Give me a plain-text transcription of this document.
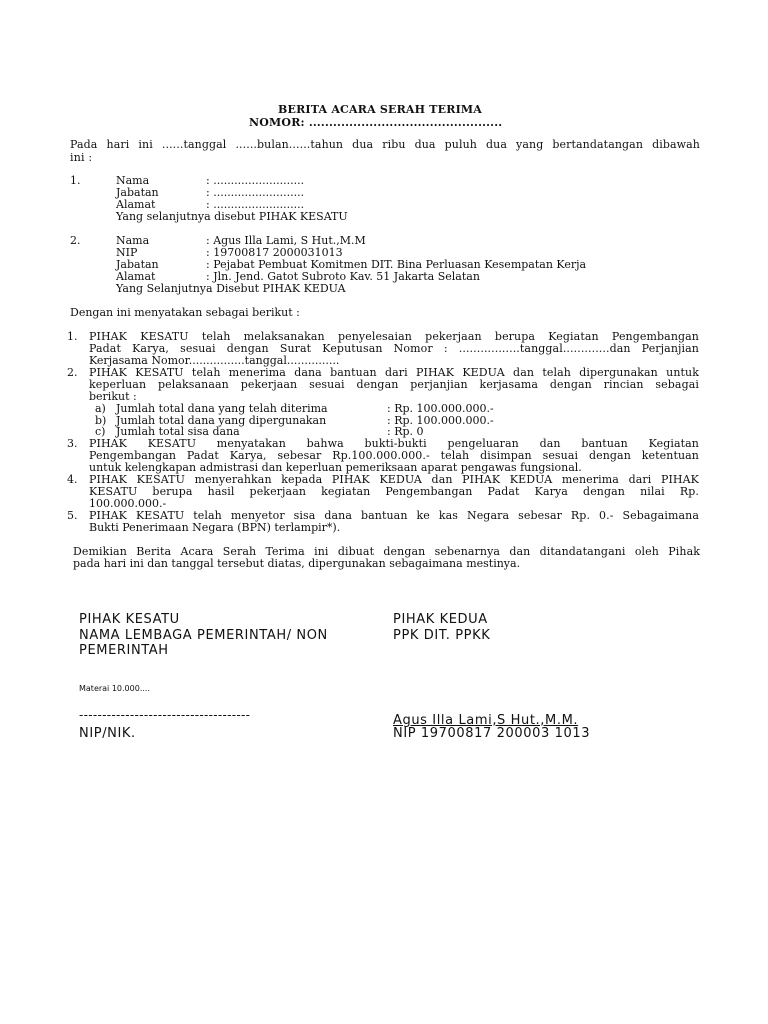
BERITA ACARA SERAH TERIMA
NOMOR: ................................................
Pada hari ini ......tanggal ......bulan......tahun dua ribu dua puluh dua yang bertandatangan dibawah
ini :
1.	Nama	: ..........................
Jabatan	: ..........................
Alamat	: ..........................
Yang selanjutnya disebut PIHAK KESATU
2.	Nama	: Agus Illa Lami, S Hut.,M.M
NIP	: 19700817 2000031013
Jabatan	: Pejabat Pembuat Komitmen DIT. Bina Perluasan Kesempatan Kerja
Alamat	: Jln. Jend. Gatot Subroto Kav. 51 Jakarta Selatan
Yang Selanjutnya Disebut PIHAK KEDUA
Dengan ini menyatakan sebagai berikut :
1. PIHAK KESATU telah melaksanakan penyelesaian pekerjaan berupa Kegiatan Pengembangan
Padat Karya, sesuai dengan Surat Keputusan Nomor : .................tanggal.............dan Perjanjian
Kerjasama Nomor................tanggal...............
2. PIHAK KESATU telah menerima dana bantuan dari PIHAK KEDUA dan telah dipergunakan untuk
keperluan pelaksanaan pekerjaan sesuai dengan perjanjian kerjasama dengan rincian sebagai
berikut :
a) Jumlah total dana yang telah diterima	: Rp. 100.000.000.-
b) Jumlah total dana yang dipergunakan	: Rp. 100.000.000.-
c) Jumlah total sisa dana	: Rp. 0
3. PIHAK KESATU menyatakan bahwa bukti-bukti pengeluaran dan bantuan Kegiatan
Pengembangan Padat Karya, sebesar Rp.100.000.000.- telah disimpan sesuai dengan ketentuan
untuk kelengkapan admistrasi dan keperluan pemeriksaan aparat pengawas fungsional.
4. PIHAK KESATU menyerahkan kepada PIHAK KEDUA dan PIHAK KEDUA menerima dari PIHAK
KESATU berupa hasil pekerjaan kegiatan Pengembangan Padat Karya dengan nilai Rp.
100.000.000.-
5. PIHAK KESATU telah menyetor sisa dana bantuan ke kas Negara sebesar Rp. 0.- Sebagaimana
Bukti Penerimaan Negara (BPN) terlampir*).
Demikian Berita Acara Serah Terima ini dibuat dengan sebenarnya dan ditandatangani oleh Pihak
pada hari ini dan tanggal tersebut diatas, dipergunakan sebagaimana mestinya.
PIHAK KESATU
NAMA LEMBAGA PEMERINTAH/ NON
PEMERINTAH
Materai 10.000....
-------------------------------------
NIP/NIK.
PIHAK KEDUA
PPK DIT. PPKK
Agus Illa Lami,S Hut.,M.M.
NIP 19700817 200003 1013
